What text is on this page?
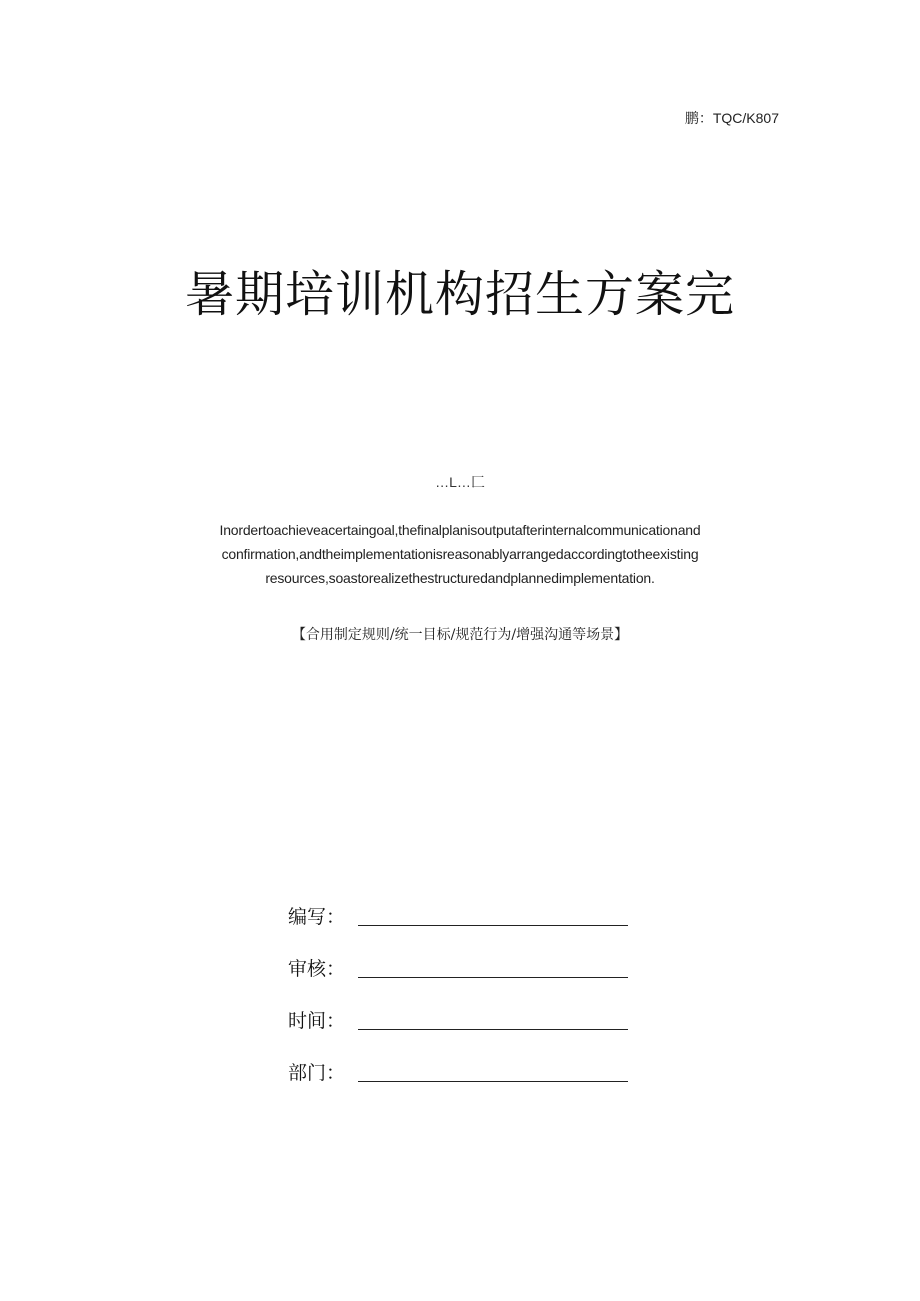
鹏：TQC/K807
暑期培训机构招生方案完
…L…匚
Inordertoachieveacertaingoal,thefinalplanisoutputafterinternalcommunicationand
confirmation,andtheimplementationisreasonablyarrangedaccordingtotheexisting
resources,soastorealizethestructuredandplannedimplementation.
【合用制定规则/统一目标/规范行为/增强沟通等场景】
编写：
审核：
时间：
部门：
